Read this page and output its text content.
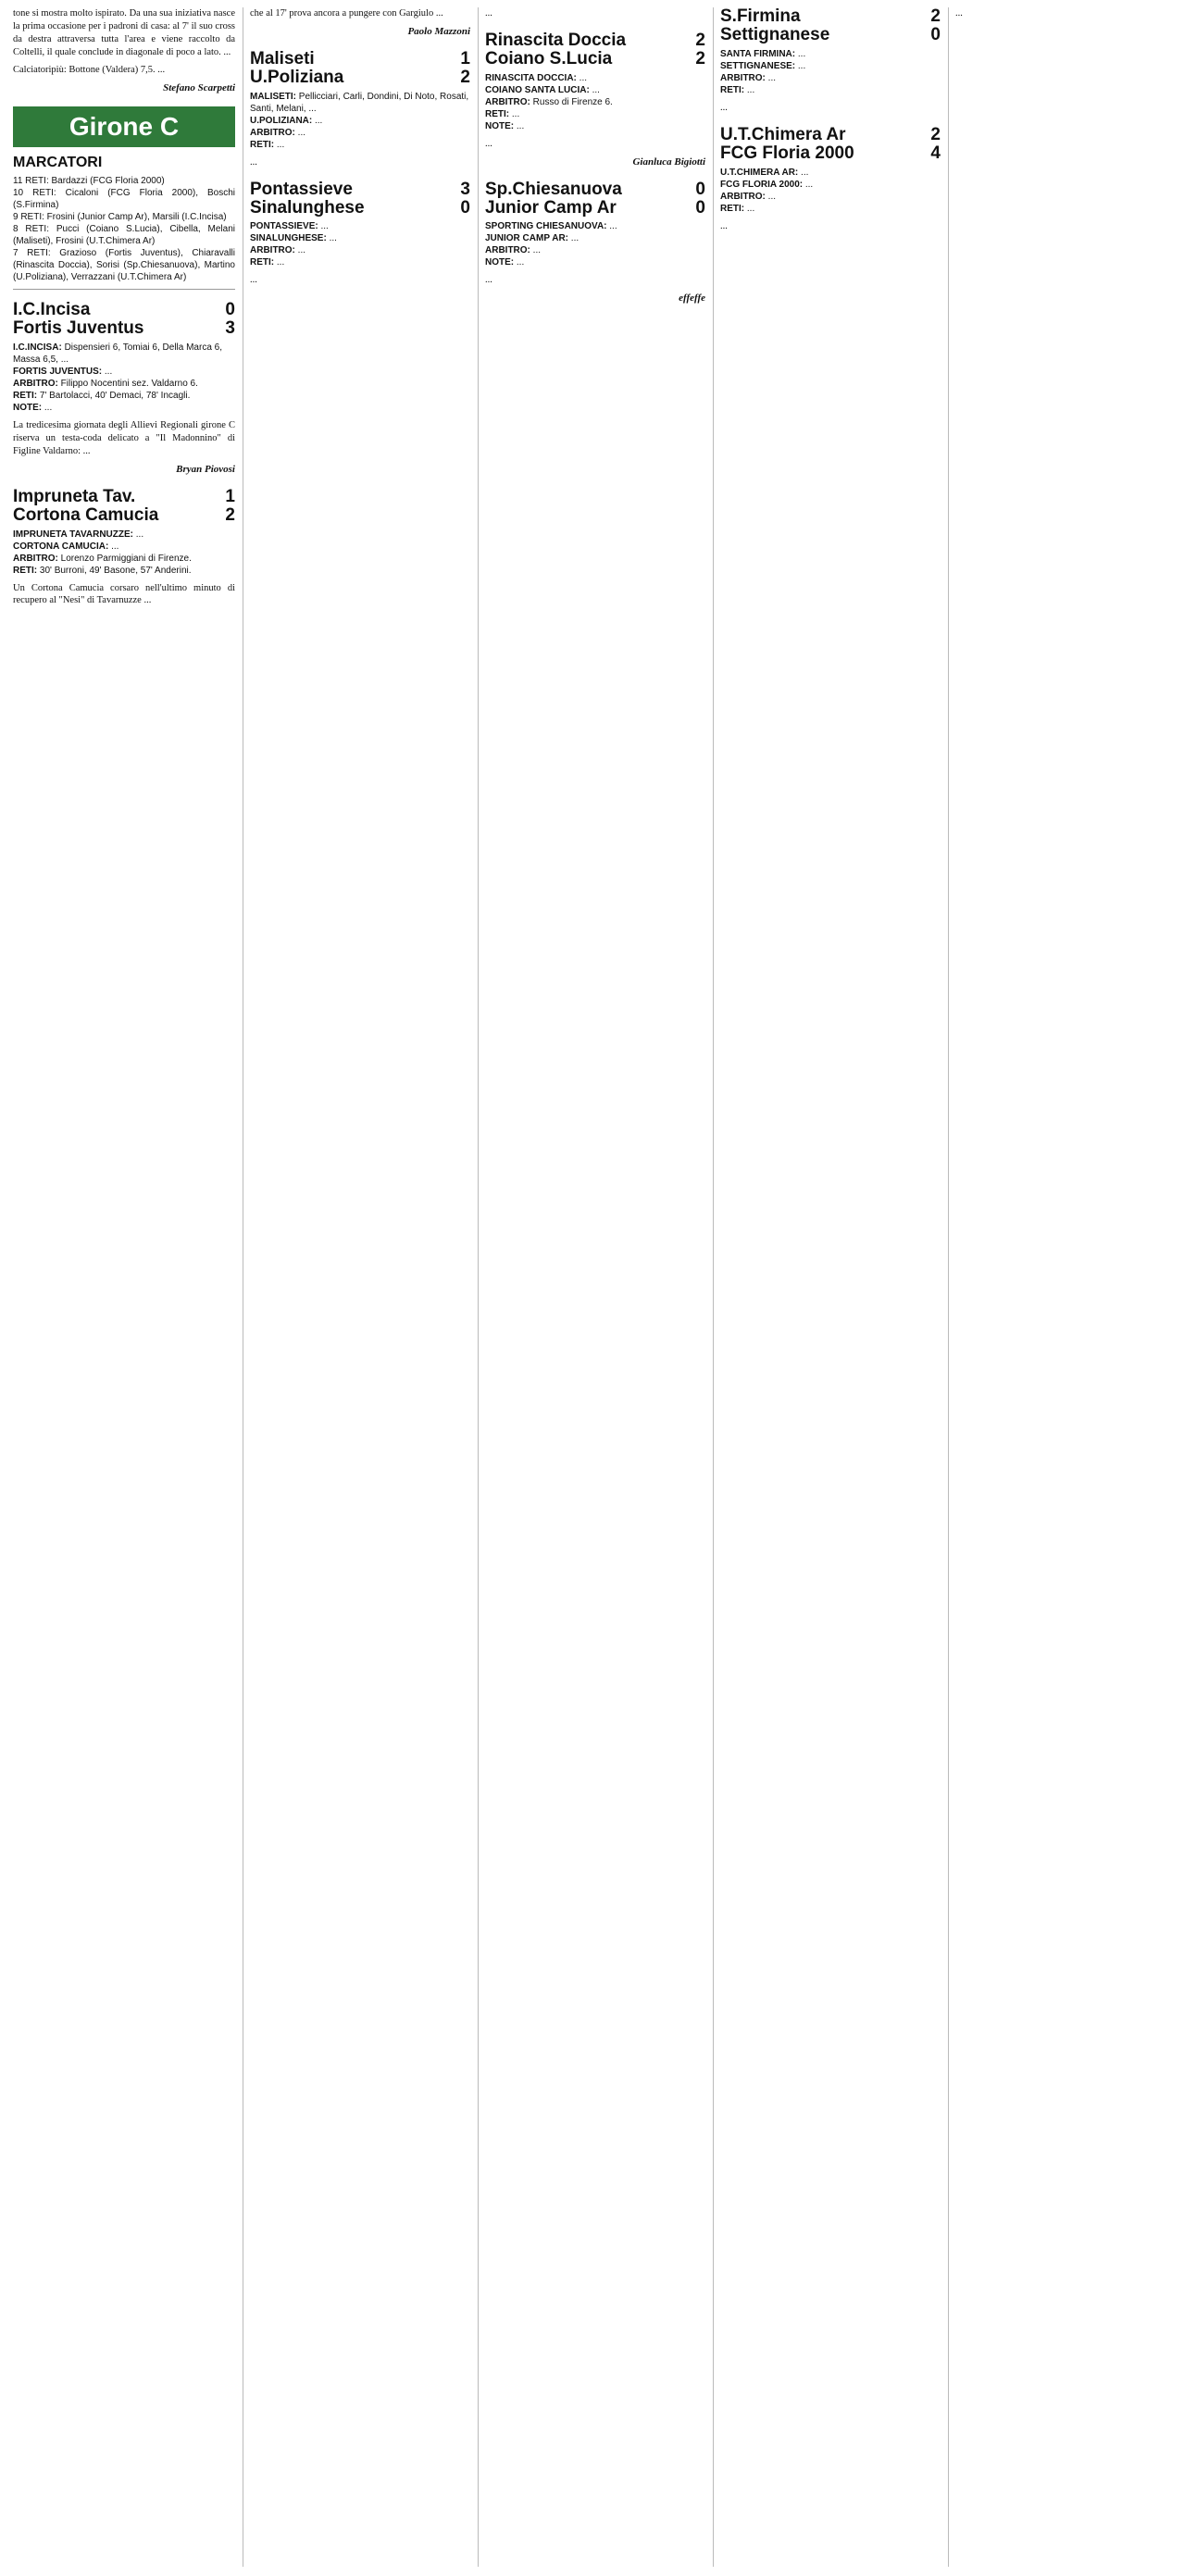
tone si mostra molto ispirato. Da una sua iniziativa nasce la prima occasione per i padroni di casa: al 7' il suo cross da destra attraversa tutta l'area e viene raccolto da Coltelli, il quale conclude in diagonale di poco a lato. ...

Calciatoripiù: Bottone (Valdera) 7,5. ...

Stefano Scarpetti
Girone C
MARCATORI

11 RETI: Bardazzi (FCG Floria 2000)

10 RETI: Cicaloni (FCG Floria 2000), Boschi (S.Firmina)

9 RETI: Frosini (Junior Camp Ar), Marsili (I.C.Incisa)

8 RETI: Pucci (Coiano S.Lucia), Cibella, Melani (Maliseti), Frosini (U.T.Chimera Ar)

7 RETI: Grazioso (Fortis Juventus), Chiaravalli (Rinascita Doccia), Sorisi (Sp.Chiesanuova), Martino (U.Poliziana), Verrazzani (U.T.Chimera Ar)

I.C.Incisa	0
Fortis Juventus	3
I.C.INCISA: Dispensieri 6, Tomiai 6, Della Marca 6, Massa 6,5, ...
FORTIS JUVENTUS: ...
ARBITRO: Filippo Nocentini sez. Valdarno 6.
RETI: 7' Bartolacci, 40' Demaci, 78' Incagli.
NOTE: ...

La tredicesima giornata degli Allievi Regionali girone C riserva un testa-coda delicato a "Il Madonnino" di Figline Valdarno: ...

Bryan Piovosi
Impruneta Tav.	1
Cortona Camucia	2
IMPRUNETA TAVARNUZZE: ...
CORTONA CAMUCIA: ...
ARBITRO: Lorenzo Parmiggiani di Firenze.
RETI: 30' Burroni, 49' Basone, 57' Anderini.

Un Cortona Camucia corsaro nell'ultimo minuto di recupero al "Nesi" di Tavarnuzze ...

che al 17' prova ancora a pungere con Gargiulo ...

Paolo Mazzoni
Maliseti	1
U.Poliziana	2
MALISETI: Pellicciari, Carli, Dondini, Di Noto, Rosati, Santi, Melani, ...
U.POLIZIANA: ...
ARBITRO: ...
RETI: ...

...

Pontassieve	3
Sinalunghese	0
PONTASSIEVE: ...
SINALUNGHESE: ...
ARBITRO: ...
RETI: ...

...

...

Rinascita Doccia	2
Coiano S.Lucia	2
RINASCITA DOCCIA: ...
COIANO SANTA LUCIA: ...
ARBITRO: Russo di Firenze 6.
RETI: ...
NOTE: ...

...

Gianluca Bigiotti
Sp.Chiesanuova	0
Junior Camp Ar	0
SPORTING CHIESANUOVA: ...
JUNIOR CAMP AR: ...
ARBITRO: ...
NOTE: ...

...

effeffe
S.Firmina	2
Settignanese	0
SANTA FIRMINA: ...
SETTIGNANESE: ...
ARBITRO: ...
RETI: ...

...

U.T.Chimera Ar	2
FCG Floria 2000	4
U.T.CHIMERA AR: ...
FCG FLORIA 2000: ...
ARBITRO: ...
RETI: ...

...

...
